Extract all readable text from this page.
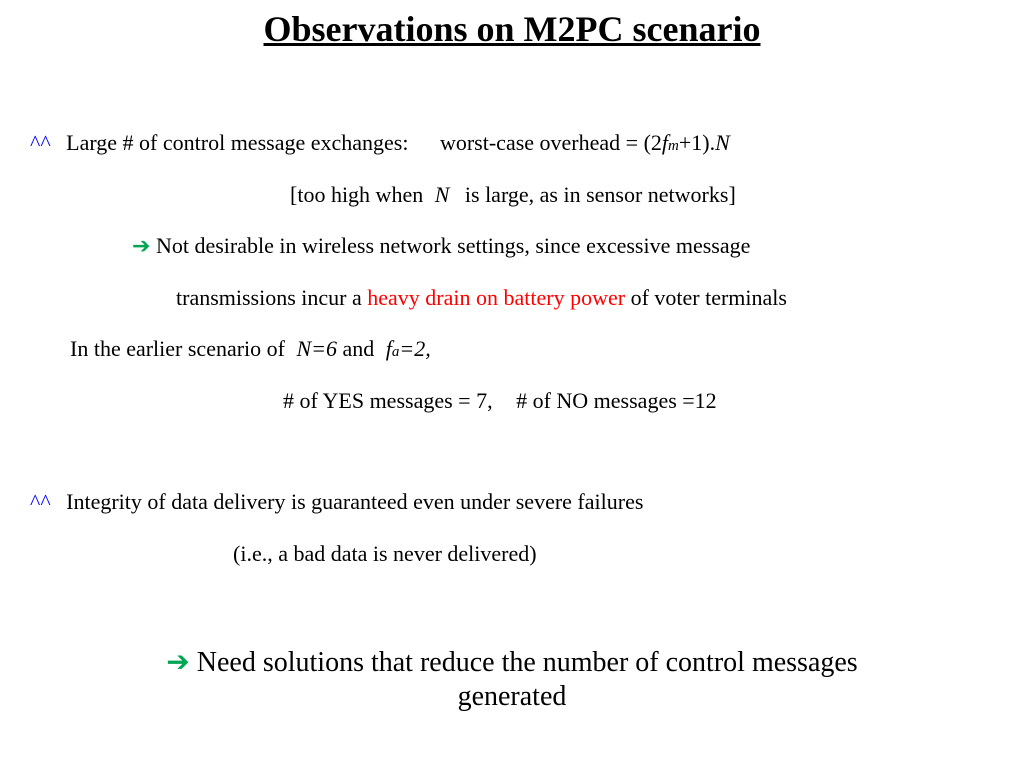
Observations on M2PC scenario
^^ Large # of control message exchanges: worst-case overhead = (2fm+1).N
[too high when N is large, as in sensor networks]
➔ Not desirable in wireless network settings, since excessive message
transmissions incur a heavy drain on battery power of voter terminals
In the earlier scenario of N=6 and fa=2,
# of YES messages = 7, # of NO messages =12
^^ Integrity of data delivery is guaranteed even under severe failures
(i.e., a bad data is never delivered)
➔ Need solutions that reduce the number of control messages
generated
